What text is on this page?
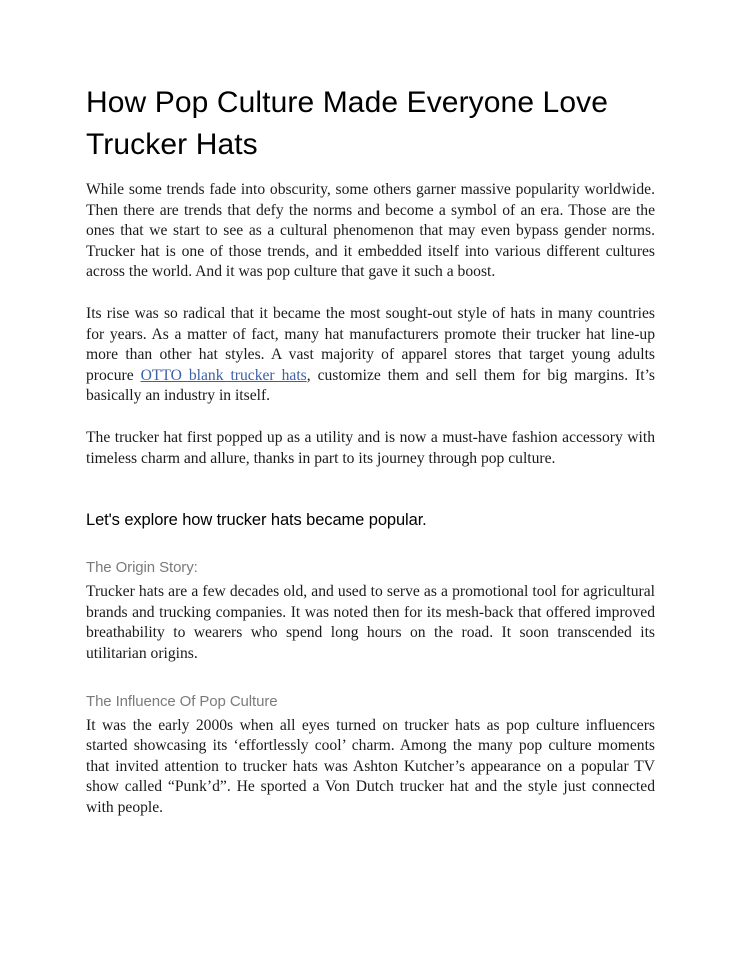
How Pop Culture Made Everyone Love Trucker Hats

While some trends fade into obscurity, some others garner massive popularity worldwide. Then there are trends that defy the norms and become a symbol of an era. Those are the ones that we start to see as a cultural phenomenon that may even bypass gender norms. Trucker hat is one of those trends, and it embedded itself into various different cultures across the world. And it was pop culture that gave it such a boost.

Its rise was so radical that it became the most sought-out style of hats in many countries for years. As a matter of fact, many hat manufacturers promote their trucker hat line-up more than other hat styles. A vast majority of apparel stores that target young adults procure OTTO blank trucker hats, customize them and sell them for big margins. It’s basically an industry in itself.

The trucker hat first popped up as a utility and is now a must-have fashion accessory with timeless charm and allure, thanks in part to its journey through pop culture.

Let's explore how trucker hats became popular.
The Origin Story:

Trucker hats are a few decades old, and used to serve as a promotional tool for agricultural brands and trucking companies. It was noted then for its mesh-back that offered improved breathability to wearers who spend long hours on the road. It soon transcended its utilitarian origins.

The Influence Of Pop Culture

It was the early 2000s when all eyes turned on trucker hats as pop culture influencers started showcasing its ‘effortlessly cool’ charm. Among the many pop culture moments that invited attention to trucker hats was Ashton Kutcher’s appearance on a popular TV show called “Punk’d”. He sported a Von Dutch trucker hat and the style just connected with people.
